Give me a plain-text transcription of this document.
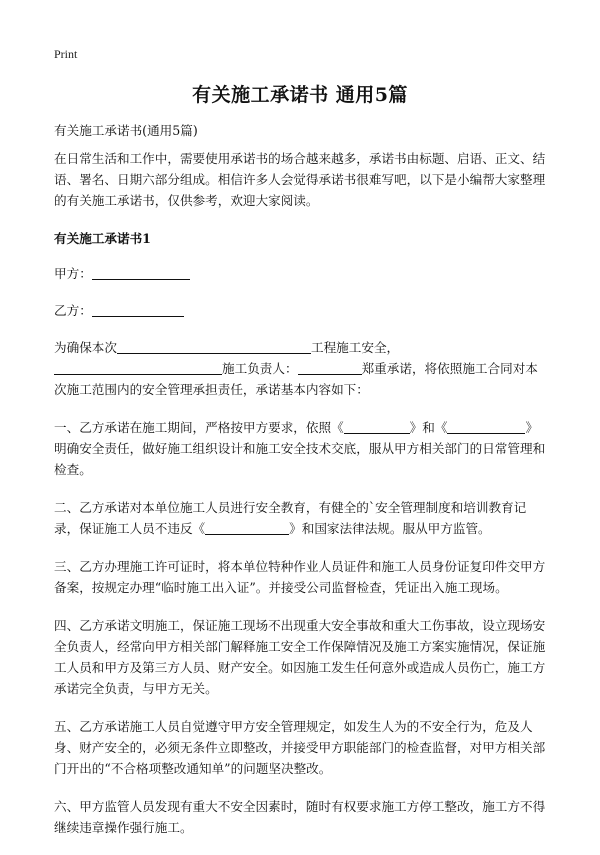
Print
有关施工承诺书 通用5篇

有关施工承诺书(通用5篇)

在日常生活和工作中，需要使用承诺书的场合越来越多，承诺书由标题、启语、正文、结语、署名、日期六部分组成。相信许多人会觉得承诺书很难写吧，以下是小编帮大家整理的有关施工承诺书，仅供参考，欢迎大家阅读。

有关施工承诺书1

甲方：

乙方：

为确保本次	工程施工安全，施工负责人：	郑重承诺，将依照施工合同对本次施工范围内的安全管理承担责任，承诺基本内容如下：

一、乙方承诺在施工期间，严格按甲方要求，依照《	》和《	》明确安全责任，做好施工组织设计和施工安全技术交底，服从甲方相关部门的日常管理和检查。

二、乙方承诺对本单位施工人员进行安全教育，有健全的`安全管理制度和培训教育记录，保证施工人员不违反《	》和国家法律法规。服从甲方监管。

三、乙方办理施工许可证时，将本单位特种作业人员证件和施工人员身份证复印件交甲方备案，按规定办理“临时施工出入证”。并接受公司监督检查，凭证出入施工现场。

四、乙方承诺文明施工，保证施工现场不出现重大安全事故和重大工伤事故，设立现场安全负责人，经常向甲方相关部门解释施工安全工作保障情况及施工方案实施情况，保证施工人员和甲方及第三方人员、财产安全。如因施工发生任何意外或造成人员伤亡，施工方承诺完全负责，与甲方无关。

五、乙方承诺施工人员自觉遵守甲方安全管理规定，如发生人为的不安全行为，危及人身、财产安全的，必须无条件立即整改，并接受甲方职能部门的检查监督，对甲方相关部门开出的“不合格项整改通知单”的问题坚决整改。

六、甲方监管人员发现有重大不安全因素时，随时有权要求施工方停工整改，施工方不得继续违章操作强行施工。
